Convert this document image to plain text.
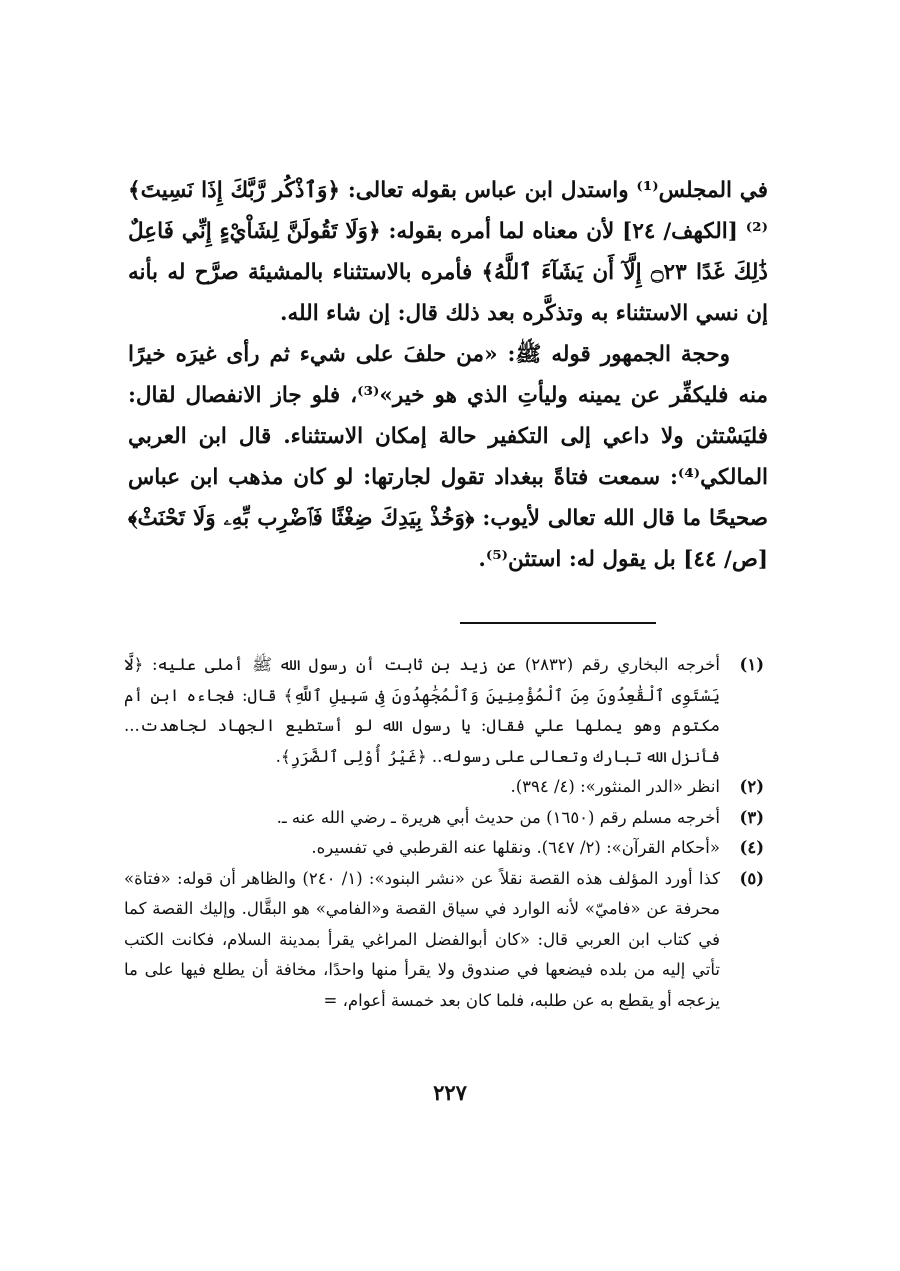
في المجلس⁽¹⁾ واستدل ابن عباس بقوله تعالى: ﴿وَٱذْكُر رَّبَّكَ إِذَا نَسِيتَ﴾⁽²⁾ [الكهف/ ٢٤] لأن معناه لما أمره بقوله: ﴿وَلَا تَقُولَنَّ لِشَاْيْءٍ إِنِّي فَاعِلٌ ذَٰلِكَ غَدًا ۝٢٣ إِلَّآ أَن يَشَآءَ ٱللَّهُ﴾ فأمره بالاستثناء بالمشيئة صرَّح له بأنه إن نسي الاستثناء به وتذكَّره بعد ذلك قال: إن شاء الله.

وحجة الجمهور قوله ﷺ: «من حلفَ على شيء ثم رأى غيرَه خيرًا منه فليكفِّر عن يمينه وليأتِ الذي هو خير»⁽³⁾، فلو جاز الانفصال لقال: فليَسْتثن ولا داعي إلى التكفير حالة إمكان الاستثناء. قال ابن العربي المالكي⁽⁴⁾: سمعت فتاةً ببغداد تقول لجارتها: لو كان مذهب ابن عباس صحيحًا ما قال الله تعالى لأيوب: ﴿وَخُذْ بِيَدِكَ ضِغْثًا فَٱضْرِب بِّهِۦ وَلَا تَحْنَثْ﴾ [ص/ ٤٤] بل يقول له: استثن⁽⁵⁾.

(١)
أخرجه البخاري رقم (٢٨٣٢) عن زيد بن ثابت أن رسول الله ﷺ أملى عليه: ﴿لَّا يَسْتَوِى ٱلْقَٰعِدُونَ مِنَ ٱلْمُؤْمِنِينَ وَٱلْمُجَٰهِدُونَ فِى سَبِيلِ ٱللَّهِ﴾ قال: فجاءه ابن أم مكتوم وهو يملها علي فقال: يا رسول الله لو أستطيع الجهاد لجاهدت... فأنزل الله تبارك وتعالى على رسوله.. ﴿غَيْرُ أُوْلِى ٱلضَّرَرِ﴾.
(٢)
انظر «الدر المنثور»: (٤/ ٣٩٤).
(٣)
أخرجه مسلم رقم (١٦٥٠) من حديث أبي هريرة ـ رضي الله عنه ـ.
(٤)
«أحكام القرآن»: (٢/ ٦٤٧). ونقلها عنه القرطبي في تفسيره.
(٥)
كذا أورد المؤلف هذه القصة نقلاً عن «نشر البنود»: (١/ ٢٤٠) والظاهر أن قوله: «فتاة» محرفة عن «فاميّ» لأنه الوارد في سياق القصة و«الفامي» هو البقَّال. وإليك القصة كما في كتاب ابن العربي قال: «كان أبوالفضل المراغي يقرأ بمدينة السلام، فكانت الكتب تأتي إليه من بلده فيضعها في صندوق ولا يقرأ منها واحدًا، مخافة أن يطلع فيها على ما يزعجه أو يقطع به عن طلبه، فلما كان بعد خمسة أعوام، =
٢٢٧
